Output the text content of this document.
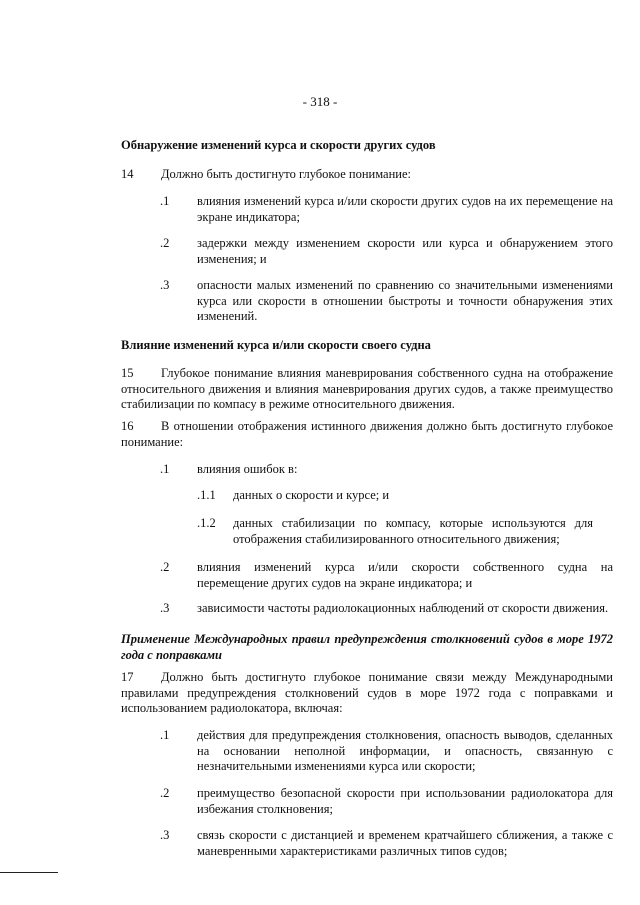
- 318 -
Обнаружение изменений курса и скорости других судов
14 Должно быть достигнуто глубокое понимание:
.1 влияния изменений курса и/или скорости других судов на их перемещение на экране индикатора;
.2 задержки между изменением скорости или курса и обнаружением этого изменения; и
.3 опасности малых изменений по сравнению со значительными изменениями курса или скорости в отношении быстроты и точности обнаружения этих изменений.
Влияние изменений курса и/или скорости своего судна
15 Глубокое понимание влияния маневрирования собственного судна на отображение относительного движения и влияния маневрирования других судов, а также преимущество стабилизации по компасу в режиме относительного движения.
16 В отношении отображения истинного движения должно быть достигнуто глубокое понимание:
.1 влияния ошибок в:
.1.1 данных о скорости и курсе; и
.1.2 данных стабилизации по компасу, которые используются для отображения стабилизированного относительного движения;
.2 влияния изменений курса и/или скорости собственного судна на перемещение других судов на экране индикатора; и
.3 зависимости частоты радиолокационных наблюдений от скорости движения.
Применение Международных правил предупреждения столкновений судов в море 1972 года с поправками
17 Должно быть достигнуто глубокое понимание связи между Международными правилами предупреждения столкновений судов в море 1972 года с поправками и использованием радиолокатора, включая:
.1 действия для предупреждения столкновения, опасность выводов, сделанных на основании неполной информации, и опасность, связанную с незначительными изменениями курса или скорости;
.2 преимущество безопасной скорости при использовании радиолокатора для избежания столкновения;
.3 связь скорости с дистанцией и временем кратчайшего сближения, а также с маневренными характеристиками различных типов судов;
